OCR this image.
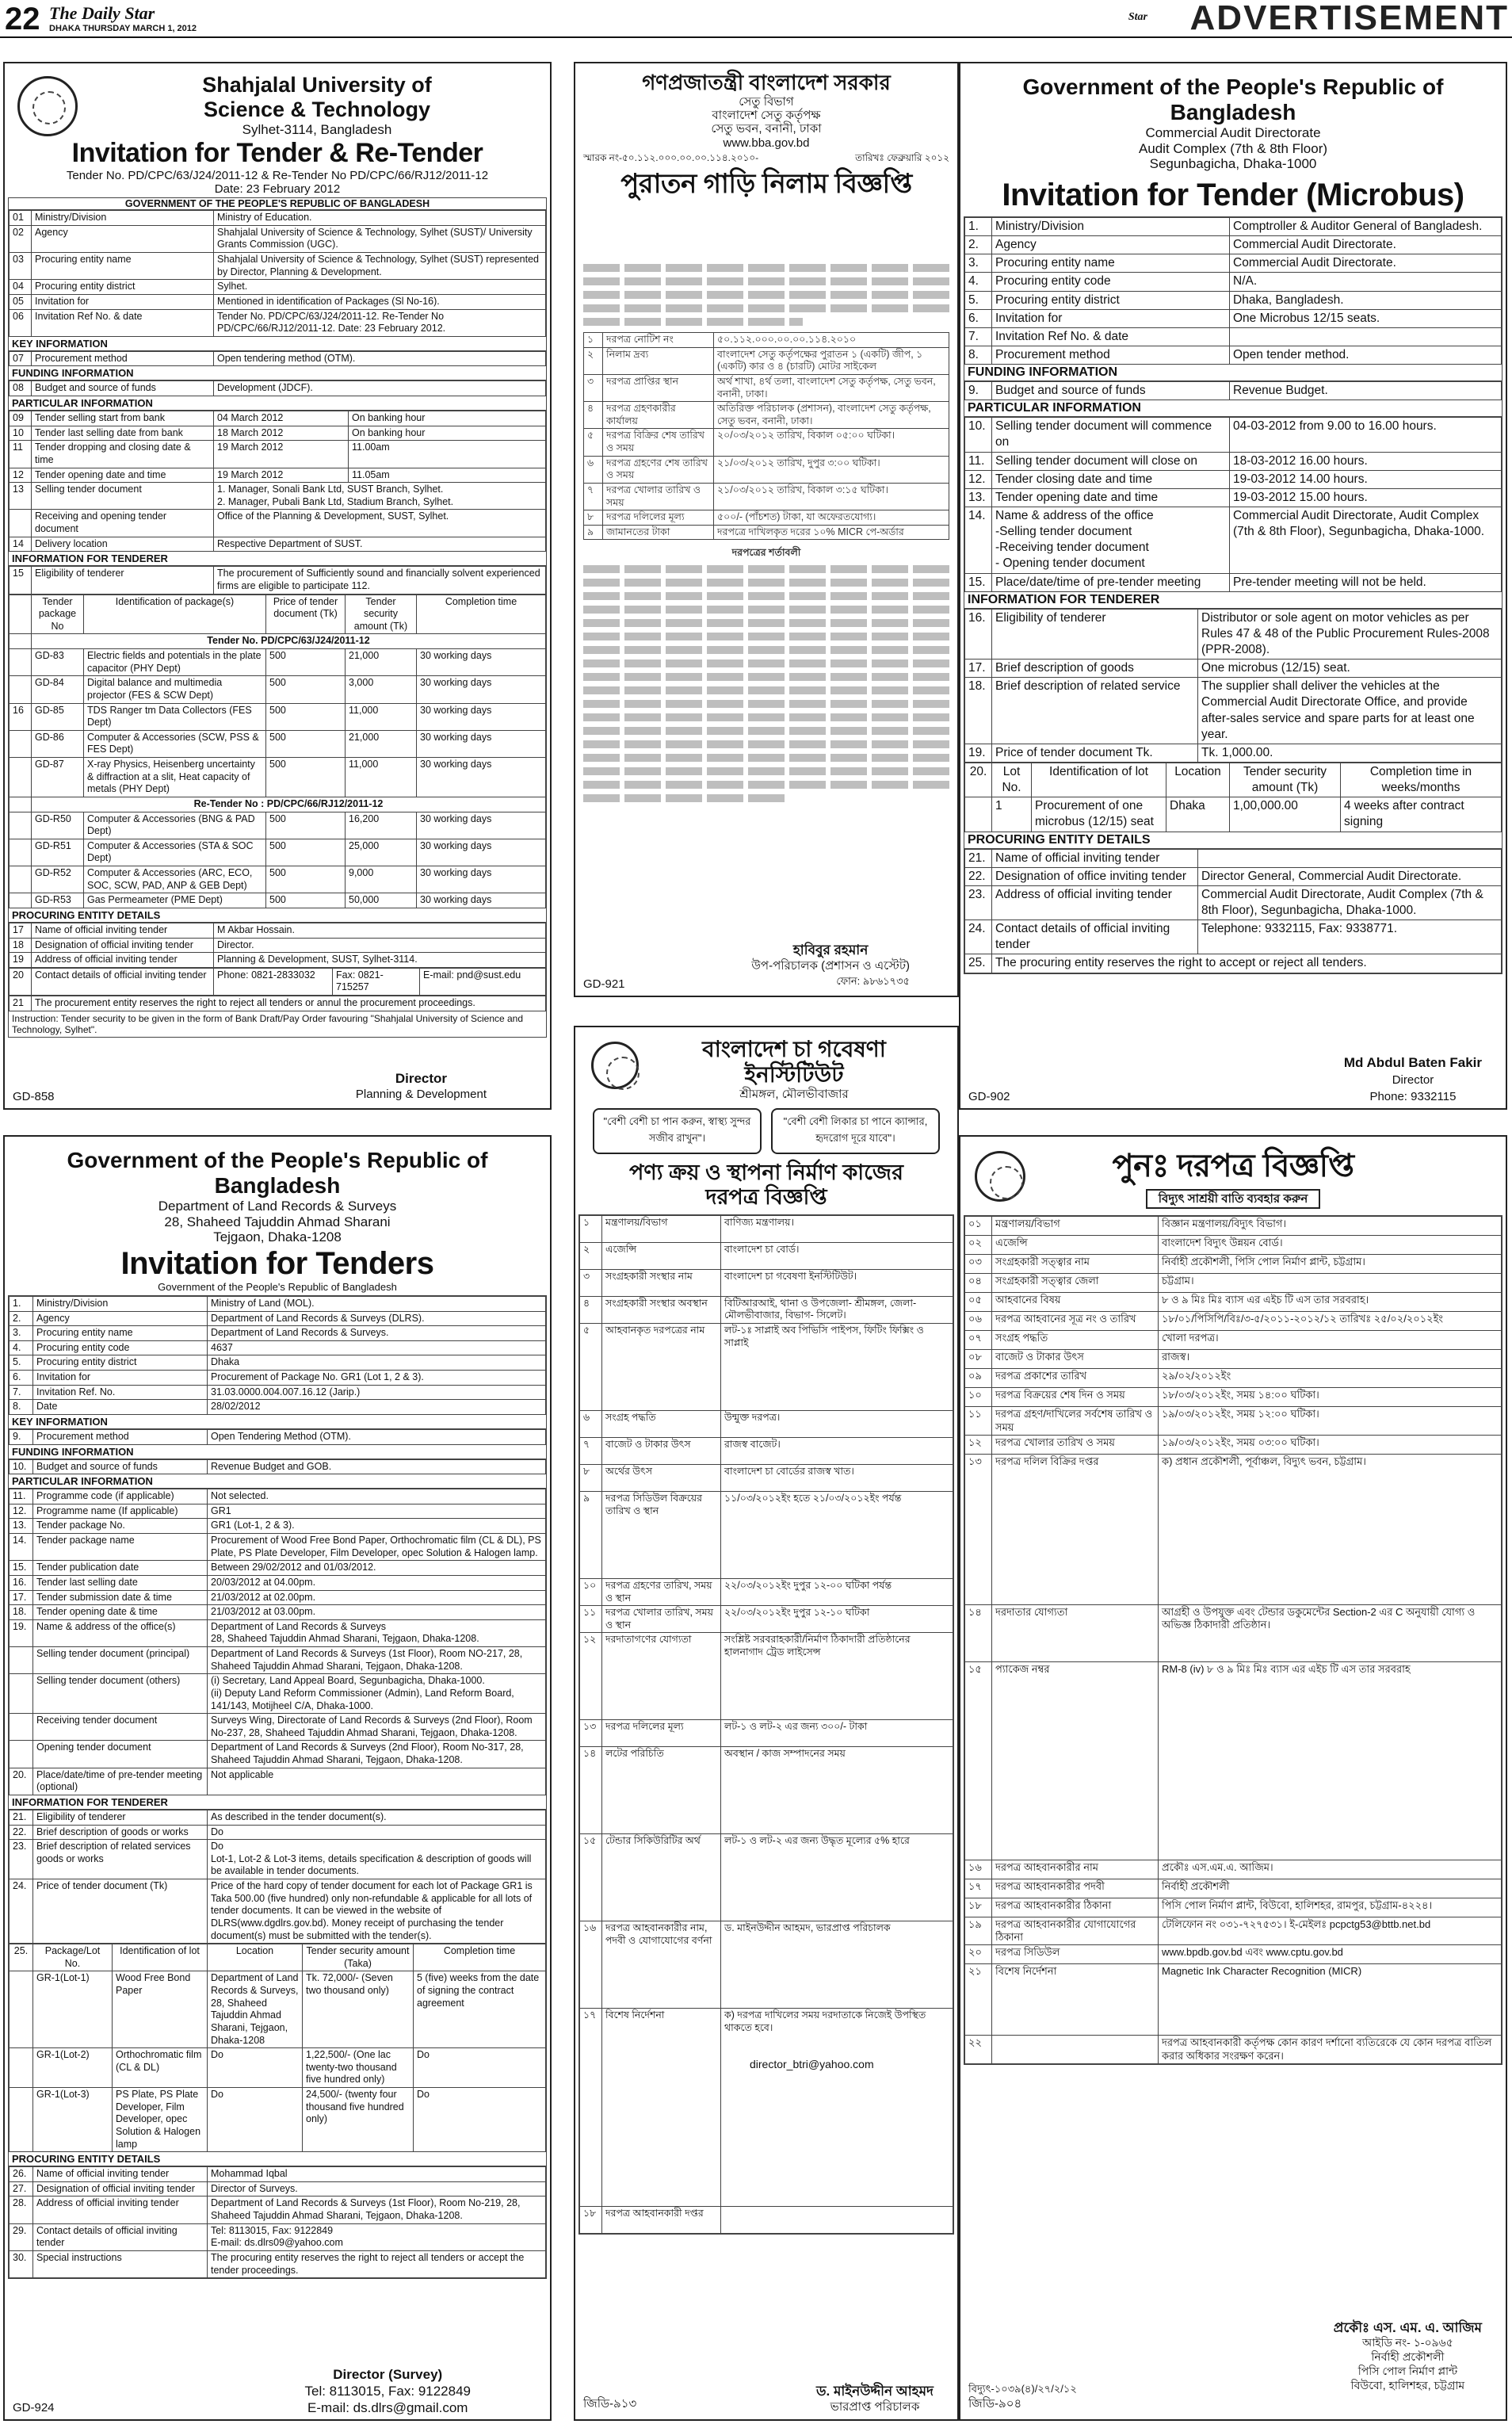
22 The Daily Star
DHAKA THURSDAY MARCH 1, 2012
Star ADVERTISEMENT
Shahjalal University of
Science & Technology
Sylhet-3114, Bangladesh
Invitation for Tender & Re-Tender
Tender No. PD/CPC/63/J24/2011-12 & Re-Tender No PD/CPC/66/RJ12/2011-12
Date: 23 February 2012
GOVERNMENT OF THE PEOPLE'S REPUBLIC OF BANGLADESH
01	Ministry/Division	Ministry of Education.
02	Agency	Shahjalal University of Science & Technology, Sylhet (SUST)/ University Grants Commission (UGC).
03	Procuring entity name	Shahjalal University of Science & Technology, Sylhet (SUST) represented by Director, Planning & Development.
04	Procuring entity district	Sylhet.
05	Invitation for	Mentioned in identification of Packages (Sl No-16).
06	Invitation Ref No. & date	Tender No. PD/CPC/63/J24/2011-12. Re-Tender No PD/CPC/66/RJ12/2011-12. Date: 23 February 2012.
KEY INFORMATION
07	Procurement method	Open tendering method (OTM).
FUNDING INFORMATION
08	Budget and source of funds	Development (JDCF).
PARTICULAR INFORMATION
09	Tender selling start from bank	04 March 2012	On banking hour
10	Tender last selling date from bank	18 March 2012	On banking hour
11	Tender dropping and closing date & time	19 March 2012	11.00am
12	Tender opening date and time	19 March 2012	11.05am
13	Selling tender document	1. Manager, Sonali Bank Ltd, SUST Branch, Sylhet.
2. Manager, Pubali Bank Ltd, Stadium Branch, Sylhet.	
	Receiving and opening tender document	Office of the Planning & Development, SUST, Sylhet.	
14	Delivery location	Respective Department of SUST.	
INFORMATION FOR TENDERER
15	Eligibility of tenderer	The procurement of Sufficiently sound and financially solvent experienced firms are eligible to participate 112.
	Tender package No	Identification of package(s)	Price of tender document (Tk)	Tender security amount (Tk)	Completion time
	Tender No. PD/CPC/63/J24/2011-12				
	GD-83	Electric fields and potentials in the plate capacitor (PHY Dept)	500	21,000	30 working days
	GD-84	Digital balance and multimedia projector (FES & SCW Dept)	500	3,000	30 working days
16	GD-85	TDS Ranger tm Data Collectors (FES Dept)	500	11,000	30 working days
	GD-86	Computer & Accessories (SCW, PSS & FES Dept)	500	21,000	30 working days
	GD-87	X-ray Physics, Heisenberg uncertainty & diffraction at a slit, Heat capacity of metals (PHY Dept)	500	11,000	30 working days
	Re-Tender No : PD/CPC/66/RJ12/2011-12				
	GD-R50	Computer & Accessories (BNG & PAD Dept)	500	16,200	30 working days
	GD-R51	Computer & Accessories (STA & SOC Dept)	500	25,000	30 working days
	GD-R52	Computer & Accessories (ARC, ECO, SOC, SCW, PAD, ANP & GEB Dept)	500	9,000	30 working days
	GD-R53	Gas Permeameter (PME Dept)	500	50,000	30 working days
PROCURING ENTITY DETAILS
17	Name of official inviting tender	M Akbar Hossain.
18	Designation of official inviting tender	Director.
19	Address of official inviting tender	Planning & Development, SUST, Sylhet-3114.
20	Contact details of official inviting tender	Phone: 0821-2833032	Fax: 0821-715257	E-mail: pnd@sust.edu
21	The procurement entity reserves the right to reject all tenders or annul the procurement proceedings.
Instruction: Tender security to be given in the form of Bank Draft/Pay Order favouring "Shahjalal University of Science and Technology, Sylhet".
Director
Planning & Development
GD-858
গণপ্রজাতন্ত্রী বাংলাদেশ সরকার
সেতু বিভাগ
বাংলাদেশ সেতু কর্তৃপক্ষ
সেতু ভবন, বনানী, ঢাকা
www.bba.gov.bd
স্মারক নং-৫০.১১২.০০০.০০.০০.১১৪.২০১০-	তারিখঃ ফেব্রুয়ারি ২০১২
পুরাতন গাড়ি নিলাম বিজ্ঞপ্তি
১	দরপত্র নোটিশ নং	৫০.১১২.০০০.০০.০০.১১৪.২০১০
২	নিলাম দ্রব্য	বাংলাদেশ সেতু কর্তৃপক্ষের পুরাতন ১ (একটি) জীপ, ১ (একটি) কার ও ৪ (চারটি) মোটর সাইকেল
৩	দরপত্র প্রাপ্তির স্থান	অর্থ শাখা, ৪র্থ তলা, বাংলাদেশ সেতু কর্তৃপক্ষ, সেতু ভবন, বনানী, ঢাকা।
৪	দরপত্র গ্রহণকারীর কার্যালয়	অতিরিক্ত পরিচালক (প্রশাসন), বাংলাদেশ সেতু কর্তৃপক্ষ, সেতু ভবন, বনানী, ঢাকা।
৫	দরপত্র বিক্রির শেষ তারিখ ও সময়	২০/০৩/২০১২ তারিখ, বিকাল ০৫:০০ ঘটিকা।
৬	দরপত্র গ্রহণের শেষ তারিখ ও সময়	২১/০৩/২০১২ তারিখ, দুপুর ৩:০০ ঘটিকা।
৭	দরপত্র খোলার তারিখ ও সময়	২১/০৩/২০১২ তারিখ, বিকাল ৩:১৫ ঘটিকা।
৮	দরপত্র দলিলের মূল্য	৫০০/- (পাঁচশত) টাকা, যা অফেরতযোগ্য।
৯	জামানতের টাকা	দরপত্রে দাখিলকৃত দরের ১০% MICR পে-অর্ডার
দরপত্রের শর্তাবলী
হাবিবুর রহমান
উপ-পরিচালক (প্রশাসন ও এস্টেট)
ফোন: ৯৮৬১৭৩৫
GD-921
Government of the People's Republic of Bangladesh
Commercial Audit Directorate
Audit Complex (7th & 8th Floor)
Segunbagicha, Dhaka-1000
Invitation for Tender (Microbus)
1.	Ministry/Division	Comptroller & Auditor General of Bangladesh.
2.	Agency	Commercial Audit Directorate.
3.	Procuring entity name	Commercial Audit Directorate.
4.	Procuring entity code	N/A.
5.	Procuring entity district	Dhaka, Bangladesh.
6.	Invitation for	One Microbus 12/15 seats.
7.	Invitation Ref No. & date	
8.	Procurement method	Open tender method.
FUNDING INFORMATION
9.	Budget and source of funds	Revenue Budget.
PARTICULAR INFORMATION
10.	Selling tender document will commence on	04-03-2012 from 9.00 to 16.00 hours.
11.	Selling tender document will close on	18-03-2012 16.00 hours.
12.	Tender closing date and time	19-03-2012 14.00 hours.
13.	Tender opening date and time	19-03-2012 15.00 hours.
14.	Name & address of the office
-Selling tender document
-Receiving tender document
- Opening tender document	Commercial Audit Directorate, Audit Complex (7th & 8th Floor), Segunbagicha, Dhaka-1000.
15.	Place/date/time of pre-tender meeting	Pre-tender meeting will not be held.
INFORMATION FOR TENDERER
16.	Eligibility of tenderer	Distributor or sole agent on motor vehicles as per Rules 47 & 48 of the Public Procurement Rules-2008 (PPR-2008).
17.	Brief description of goods	One microbus (12/15) seat.
18.	Brief description of related service	The supplier shall deliver the vehicles at the Commercial Audit Directorate Office, and provide after-sales service and spare parts for at least one year.
19.	Price of tender document Tk.	Tk. 1,000.00.
20.	Lot No.	Identification of lot	Location	Tender security amount (Tk)	Completion time in weeks/months
	1	Procurement of one microbus (12/15) seat	Dhaka	1,00,000.00	4 weeks after contract signing
PROCURING ENTITY DETAILS
21.	Name of official inviting tender	
22.	Designation of office inviting tender	Director General, Commercial Audit Directorate.
23.	Address of official inviting tender	Commercial Audit Directorate, Audit Complex (7th & 8th Floor), Segunbagicha, Dhaka-1000.
24.	Contact details of official inviting tender	Telephone: 9332115, Fax: 9338771.
25.	The procuring entity reserves the right to accept or reject all tenders.	
Md Abdul Baten Fakir
Director
Phone: 9332115
GD-902
Government of the People's Republic of Bangladesh
Department of Land Records & Surveys
28, Shaheed Tajuddin Ahmad Sharani
Tejgaon, Dhaka-1208
Invitation for Tenders
Government of the People's Republic of Bangladesh
1.	Ministry/Division	Ministry of Land (MOL).
2.	Agency	Department of Land Records & Surveys (DLRS).
3.	Procuring entity name	Department of Land Records & Surveys.
4.	Procuring entity code	4637
5.	Procuring entity district	Dhaka
6.	Invitation for	Procurement of Package No. GR1 (Lot 1, 2 & 3).
7.	Invitation Ref. No.	31.03.0000.004.007.16.12 (Jarip.)
8.	Date	28/02/2012
KEY INFORMATION
9.	Procurement method	Open Tendering Method (OTM).
FUNDING INFORMATION
10.	Budget and source of funds	Revenue Budget and GOB.
PARTICULAR INFORMATION
11.	Programme code (if applicable)	Not selected.
12.	Programme name (If applicable)	GR1
13.	Tender package No.	GR1 (Lot-1, 2 & 3).
14.	Tender package name	Procurement of Wood Free Bond Paper, Orthochromatic film (CL & DL), PS Plate, PS Plate Developer, Film Developer, opec Solution & Halogen lamp.
15.	Tender publication date	Between 29/02/2012 and 01/03/2012.
16.	Tender last selling date	20/03/2012 at 04.00pm.
17.	Tender submission date & time	21/03/2012 at 02.00pm.
18.	Tender opening date & time	21/03/2012 at 03.00pm.
19.	Name & address of the office(s)	Department of Land Records & Surveys
28, Shaheed Tajuddin Ahmad Sharani, Tejgaon, Dhaka-1208.
	Selling tender document (principal)	Department of Land Records & Surveys (1st Floor), Room NO-217, 28, Shaheed Tajuddin Ahmad Sharani, Tejgaon, Dhaka-1208.
	Selling tender document (others)	(i) Secretary, Land Appeal Board, Segunbagicha, Dhaka-1000.
(ii) Deputy Land Reform Commissioner (Admin), Land Reform Board, 141/143, Motijheel C/A, Dhaka-1000.
	Receiving tender document	Surveys Wing, Directorate of Land Records & Surveys (2nd Floor), Room No-237, 28, Shaheed Tajuddin Ahmad Sharani, Tejgaon, Dhaka-1208.
	Opening tender document	Department of Land Records & Surveys (2nd Floor), Room No-317, 28, Shaheed Tajuddin Ahmad Sharani, Tejgaon, Dhaka-1208.
20.	Place/date/time of pre-tender meeting (optional)	Not applicable
INFORMATION FOR TENDERER
21.	Eligibility of tenderer	As described in the tender document(s).
22.	Brief description of goods or works	Do
23.	Brief description of related services goods or works	Do
Lot-1, Lot-2 & Lot-3 items, details specification & description of goods will be available in tender documents.
24.	Price of tender document (Tk)	Price of the hard copy of tender document for each lot of Package GR1 is Taka 500.00 (five hundred) only non-refundable & applicable for all lots of tender documents. It can be viewed in the website of DLRS(www.dgdlrs.gov.bd). Money receipt of purchasing the tender document(s) must be submitted with the tender(s).
25.	Package/Lot No.	Identification of lot	Location	Tender security amount (Taka)	Completion time
	GR-1(Lot-1)	Wood Free Bond Paper	Department of Land Records & Surveys, 28, Shaheed Tajuddin Ahmad Sharani, Tejgaon, Dhaka-1208	Tk. 72,000/- (Seven two thousand only)	5 (five) weeks from the date of signing the contract agreement
	GR-1(Lot-2)	Orthochromatic film (CL & DL)	Do	1,22,500/- (One lac twenty-two thousand five hundred only)	Do
	GR-1(Lot-3)	PS Plate, PS Plate Developer, Film Developer, opec Solution & Halogen lamp	Do	24,500/- (twenty four thousand five hundred only)	Do
PROCURING ENTITY DETAILS
26.	Name of official inviting tender	Mohammad Iqbal
27.	Designation of official inviting tender	Director of Surveys.
28.	Address of official inviting tender	Department of Land Records & Surveys (1st Floor), Room No-219, 28, Shaheed Tajuddin Ahmad Sharani, Tejgaon, Dhaka-1208.
29.	Contact details of official inviting tender	Tel: 8113015, Fax: 9122849
E-mail: ds.dlrs09@yahoo.com
30.	Special instructions	The procuring entity reserves the right to reject all tenders or accept the tender proceedings.
Director (Survey)
Tel: 8113015, Fax: 9122849
E-mail: ds.dlrs@gmail.com
GD-924
বাংলাদেশ চা গবেষণা
ইনস্টিটিউট
শ্রীমঙ্গল, মৌলভীবাজার
"বেশী বেশী চা পান করুন, স্বাস্থ্য সুন্দর সজীব রাখুন"।
"বেশী বেশী লিকার চা পানে ক্যান্সার, হৃদরোগ দূরে যাবে"।
পণ্য ক্রয় ও স্থাপনা নির্মাণ কাজের
দরপত্র বিজ্ঞপ্তি
১	মন্ত্রণালয়/বিভাগ	বাণিজ্য মন্ত্রণালয়।
২	এজেন্সি	বাংলাদেশ চা বোর্ড।
৩	সংগ্রহকারী সংস্থার নাম	বাংলাদেশ চা গবেষণা ইনস্টিটিউট।
৪	সংগ্রহকারী সংস্থার অবস্থান	বিটিআরআই, থানা ও উপজেলা- শ্রীমঙ্গল, জেলা- মৌলভীবাজার, বিভাগ- সিলেট।
৫	আহবানকৃত দরপত্রের নাম	লট-১ঃ সাপ্লাই অব পিভিসি পাইপস, ফিটিং ফিক্সিং ও সাপ্লাই
৬	সংগ্রহ পদ্ধতি	উন্মুক্ত দরপত্র।
৭	বাজেট ও টাকার উৎস	রাজস্ব বাজেট।
৮	অর্থের উৎস	বাংলাদেশ চা বোর্ডের রাজস্ব খাত।
৯	দরপত্র সিডিউল বিক্রয়ের তারিখ ও স্থান	১১/০৩/২০১২ইং হতে ২১/০৩/২০১২ইং পর্যন্ত
১০	দরপত্র গ্রহণের তারিখ, সময় ও স্থান	২২/০৩/২০১২ইং দুপুর ১২-০০ ঘটিকা পর্যন্ত
১১	দরপত্র খোলার তারিখ, সময় ও স্থান	২২/০৩/২০১২ইং দুপুর ১২-১০ ঘটিকা
১২	দরদাতাগণের যোগ্যতা	সংশ্লিষ্ট সরবরাহকারী/নির্মাণ ঠিকাদারী প্রতিষ্ঠানের হালনাগাদ ট্রেড লাইসেন্স
১৩	দরপত্র দলিলের মূল্য	লট-১ ও লট-২ এর জন্য ৩০০/- টাকা
১৪	লটের পরিচিতি	অবস্থান / কাজ সম্পাদনের সময়
১৫	টেন্ডার সিকিউরিটির অর্থ	লট-১ ও লট-২ এর জন্য উদ্ধৃত মূল্যের ৫% হারে
১৬	দরপত্র আহবানকারীর নাম, পদবী ও যোগাযোগের বর্ণনা	ড. মাইনউদ্দীন আহমদ, ভারপ্রাপ্ত পরিচালক
১৭	বিশেষ নির্দেশনা	ক) দরপত্র দাখিলের সময় দরদাতাকে নিজেই উপস্থিত থাকতে হবে।
১৮	দরপত্র আহবানকারী দপ্তর	
director_btri@yahoo.com
ড. মাইনউদ্দীন আহমদ
ভারপ্রাপ্ত পরিচালক
জিডি-৯১৩
পুনঃ দরপত্র বিজ্ঞপ্তি
বিদ্যুৎ সাশ্রয়ী বাতি ব্যবহার করুন
০১	মন্ত্রণালয়/বিভাগ	বিজ্ঞান মন্ত্রণালয়/বিদ্যুৎ বিভাগ।
০২	এজেন্সি	বাংলাদেশ বিদ্যুৎ উন্নয়ন বোর্ড।
০৩	সংগ্রহকারী সত্ত্বার নাম	নির্বাহী প্রকৌশলী, পিসি পোল নির্মাণ প্লান্ট, চট্টগ্রাম।
০৪	সংগ্রহকারী সত্ত্বার জেলা	চট্টগ্রাম।
০৫	আহবানের বিষয়	৮ ও ৯ মিঃ মিঃ ব্যাস এর এইচ টি এস তার সরবরাহ।
০৬	দরপত্র আহবানের সূত্র নং ও তারিখ	১৮/০১/পিসিপি/বিঃ/৩-৫/২০১১-২০১২/১২ তারিখঃ ২৫/০২/২০১২ইং
০৭	সংগ্রহ পদ্ধতি	খোলা দরপত্র।
০৮	বাজেট ও টাকার উৎস	রাজস্ব।
০৯	দরপত্র প্রকাশের তারিখ	২৯/০২/২০১২ইং
১০	দরপত্র বিক্রয়ের শেষ দিন ও সময়	১৮/০৩/২০১২ইং, সময় ১৪:০০ ঘটিকা।
১১	দরপত্র গ্রহণ/দাখিলের সর্বশেষ তারিখ ও সময়	১৯/০৩/২০১২ইং, সময় ১২:০০ ঘটিকা।
১২	দরপত্র খোলার তারিখ ও সময়	১৯/০৩/২০১২ইং, সময় ০৩:০০ ঘটিকা।
১৩	দরপত্র দলিল বিক্রির দপ্তর	ক) প্রধান প্রকৌশলী, পূর্বাঞ্চল, বিদ্যুৎ ভবন, চট্টগ্রাম।
১৪	দরদাতার যোগ্যতা	আগ্রহী ও উপযুক্ত এবং টেন্ডার ডকুমেন্টের Section-2 এর C অনুযায়ী যোগ্য ও অভিজ্ঞ ঠিকাদারী প্রতিষ্ঠান।
১৫	প্যাকেজ নম্বর	RM-8 (iv) ৮ ও ৯ মিঃ মিঃ ব্যাস এর এইচ টি এস তার সরবরাহ
১৬	দরপত্র আহবানকারীর নাম	প্রকৌঃ এস.এম.এ. আজিম।
১৭	দরপত্র আহবানকারীর পদবী	নির্বাহী প্রকৌশলী
১৮	দরপত্র আহবানকারীর ঠিকানা	পিসি পোল নির্মাণ প্লান্ট, বিউবো, হালিশহর, রামপুর, চট্টগ্রাম-৪২২৪।
১৯	দরপত্র আহবানকারীর যোগাযোগের ঠিকানা	টেলিফোন নং ০৩১-৭২৭৫৩১। ই-মেইলঃ pcpctg53@bttb.net.bd
২০	দরপত্র সিডিউল	www.bpdb.gov.bd এবং www.cptu.gov.bd
২১	বিশেষ নির্দেশনা	Magnetic Ink Character Recognition (MICR)
২২		দরপত্র আহবানকারী কর্তৃপক্ষ কোন কারণ দর্শানো ব্যতিরেকে যে কোন দরপত্র বাতিল করার অধিকার সংরক্ষণ করেন।
প্রকৌঃ এস. এম. এ. আজিম
আইডি নং- ১-০৯৬৫
নির্বাহী প্রকৌশলী
পিসি পোল নির্মাণ প্লান্ট
বিউবো, হালিশহর, চট্টগ্রাম
বিদ্যুৎ-১০৩৯(৪)/২৭/২/১২
জিডি-৯০৪
